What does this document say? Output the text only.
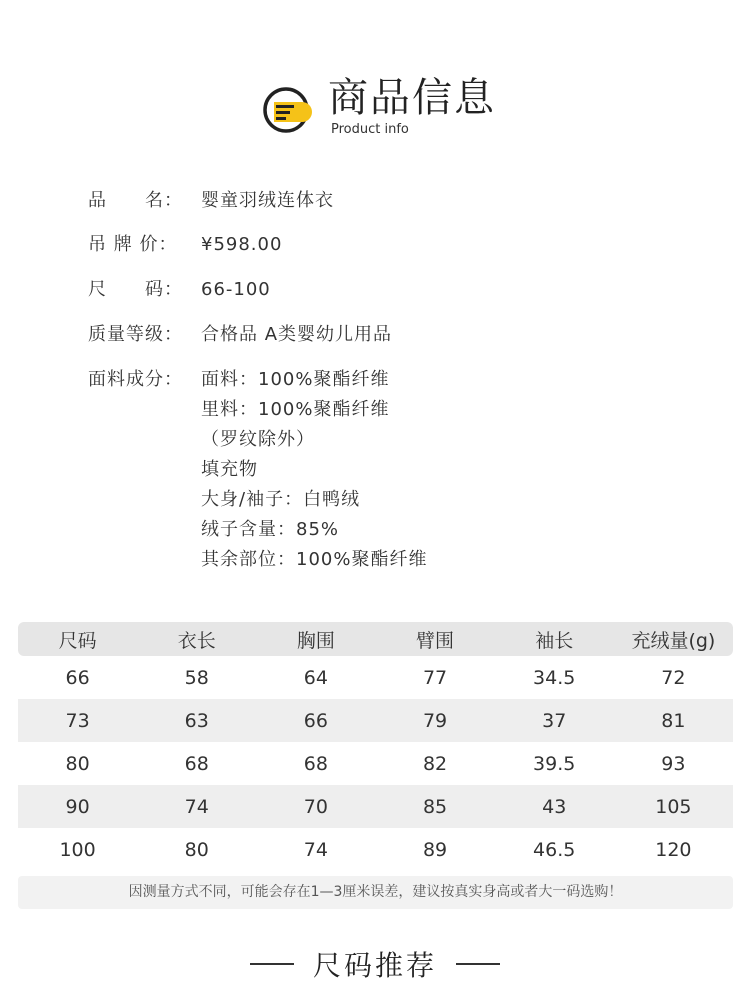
商品信息
Product info
品　　名： 婴童羽绒连体衣
吊 牌 价：	¥598.00
尺　　码： 66-100
质量等级： 合格品 A类婴幼儿用品
面料成分： 面料：100%聚酯纤维
里料：100%聚酯纤维
（罗纹除外）
填充物
大身/袖子：白鸭绒
绒子含量：85%
其余部位：100%聚酯纤维
尺码	衣长	胸围	臂围	袖长	充绒量(g)
66	58	64	77	34.5	72
73	63	66	79	37	81
80	68	68	82	39.5	93
90	74	70	85	43	105
100	80	74	89	46.5	120
因测量方式不同，可能会存在1—3厘米误差，建议按真实身高或者大一码选购！
尺码推荐
